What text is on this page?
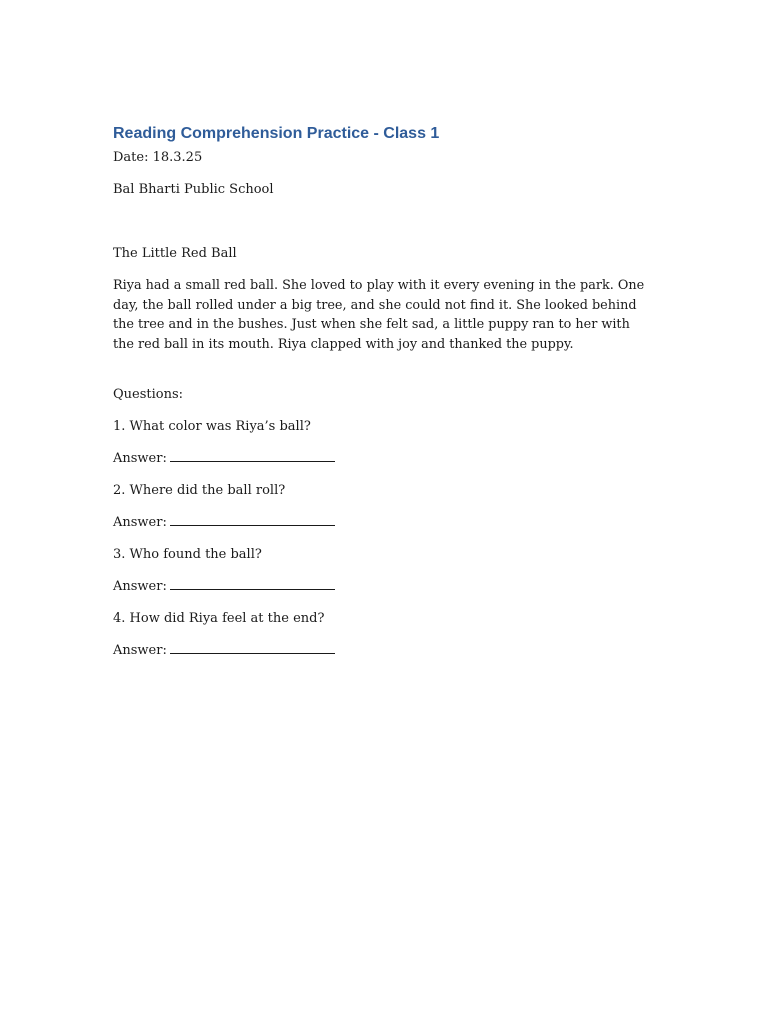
Reading Comprehension Practice - Class 1

Date: 18.3.25

Bal Bharti Public School

The Little Red Ball

Riya had a small red ball. She loved to play with it every evening in the park. One day, the ball rolled under a big tree, and she could not find it. She looked behind the tree and in the bushes. Just when she felt sad, a little puppy ran to her with the red ball in its mouth. Riya clapped with joy and thanked the puppy.

Questions:

1. What color was Riya’s ball?

Answer:

2. Where did the ball roll?

Answer:

3. Who found the ball?

Answer:

4. How did Riya feel at the end?

Answer:
